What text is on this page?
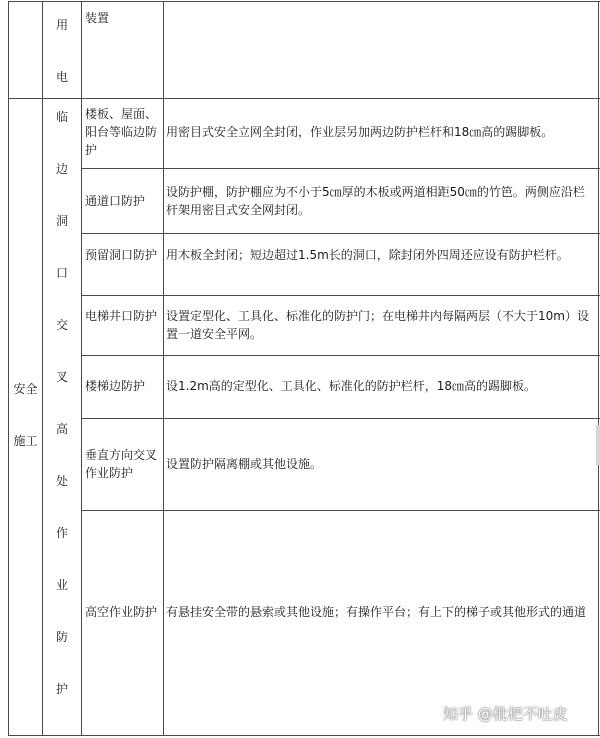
用
电
装置
安全
施工
临
边
洞
口
交
叉
高
处
作
业
防
护
楼板、屋面、阳台等临边防护
用密目式安全立网全封闭，作业层另加两边防护栏杆和18㎝高的踢脚板。
通道口防护
设防护棚，防护棚应为不小于5㎝厚的木板或两道相距50㎝的竹笆。两侧应沿栏杆架用密目式安全网封闭。
预留洞口防护 用木板全封闭；短边超过1.5m长的洞口，除封闭外四周还应设有防护栏杆。
电梯井口防护 设置定型化、工具化、标准化的防护门；在电梯井内每隔两层（不大于10m）设置一道安全平网。
楼梯边防护	设1.2m高的定型化、工具化、标准化的防护栏杆，18㎝高的踢脚板。
垂直方向交叉作业防护
设置防护隔离棚或其他设施。
高空作业防护 有悬挂安全带的悬索或其他设施；有操作平台；有上下的梯子或其他形式的通道
知乎 @枇杷不吐皮
